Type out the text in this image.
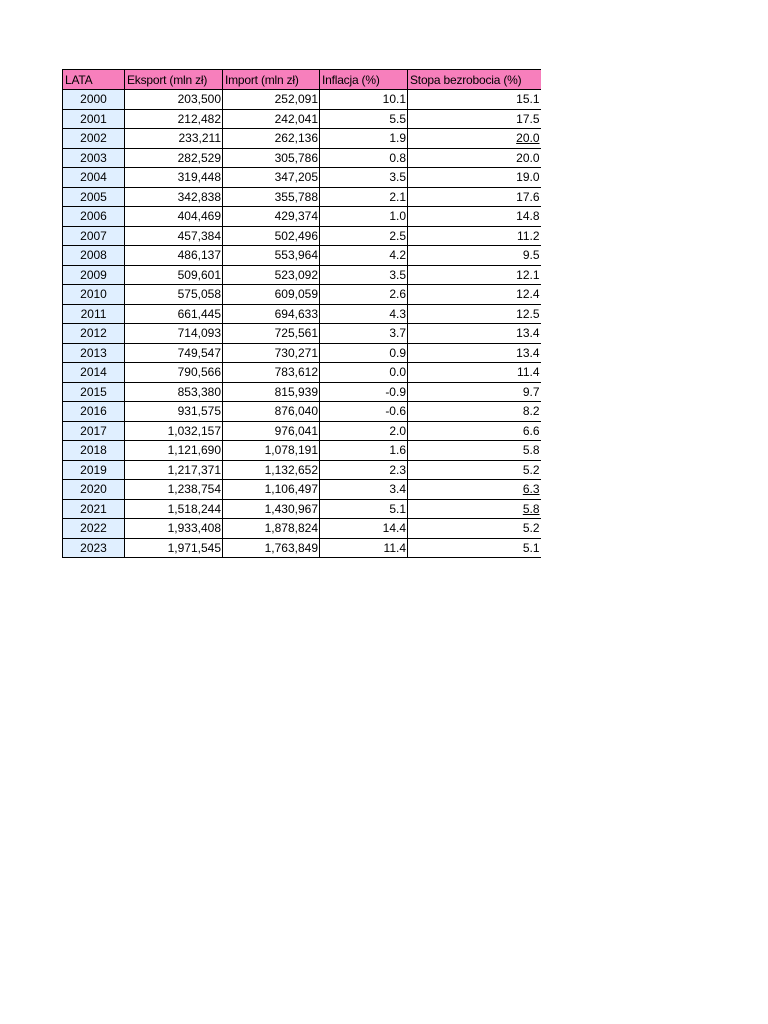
LATA	Eksport (mln zł)	Import (mln zł)	Inflacja (%)	Stopa bezrobocia (%)
2000	203,500	252,091	10.1	15.1
2001	212,482	242,041	5.5	17.5
2002	233,211	262,136	1.9	20.0
2003	282,529	305,786	0.8	20.0
2004	319,448	347,205	3.5	19.0
2005	342,838	355,788	2.1	17.6
2006	404,469	429,374	1.0	14.8
2007	457,384	502,496	2.5	11.2
2008	486,137	553,964	4.2	9.5
2009	509,601	523,092	3.5	12.1
2010	575,058	609,059	2.6	12.4
2011	661,445	694,633	4.3	12.5
2012	714,093	725,561	3.7	13.4
2013	749,547	730,271	0.9	13.4
2014	790,566	783,612	0.0	11.4
2015	853,380	815,939	-0.9	9.7
2016	931,575	876,040	-0.6	8.2
2017	1,032,157	976,041	2.0	6.6
2018	1,121,690	1,078,191	1.6	5.8
2019	1,217,371	1,132,652	2.3	5.2
2020	1,238,754	1,106,497	3.4	6.3
2021	1,518,244	1,430,967	5.1	5.8
2022	1,933,408	1,878,824	14.4	5.2
2023	1,971,545	1,763,849	11.4	5.1
